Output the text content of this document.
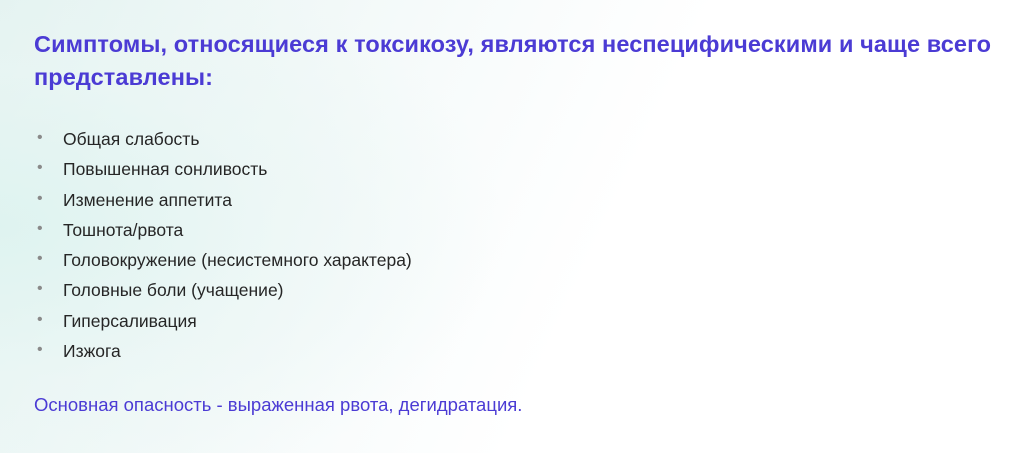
Симптомы, относящиеся к токсикозу, являются неспецифическими и чаще всего представлены:
• Общая слабость
• Повышенная сонливость
• Изменение аппетита
• Тошнота/рвота
• Головокружение (несистемного характера)
• Головные боли (учащение)
• Гиперсаливация
• Изжога
Основная опасность - выраженная рвота, дегидратация.
